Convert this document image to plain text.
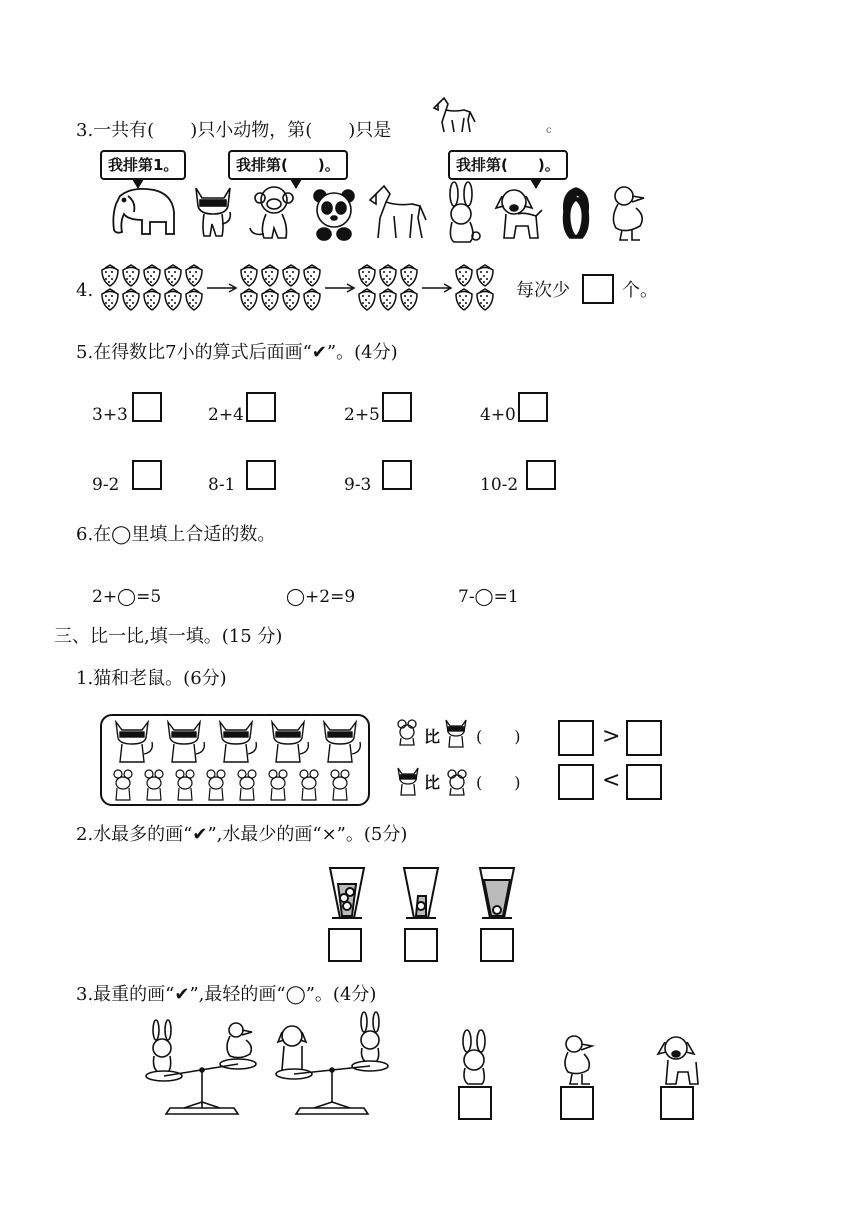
3.一共有(　　)只小动物，第(　　)只是	c
我排第1。	我排第(　　)。	我排第(　　)。
4.	每次少	个。
5.在得数比7小的算式后面画“✔”。(4分)
3+3	2+4	2+5	4+0
9-2	8-1	9-3	10-2
6.在◯里填上合适的数。
2+◯=5	◯+2=9	7-◯=1
三、比一比,填一填。(15 分)
1.猫和老鼠。(6分)
比 (　　)	>
比 (　　)	<
2.水最多的画“✔”,水最少的画“×”。(5分)
3.最重的画“✔”,最轻的画“◯”。(4分)
